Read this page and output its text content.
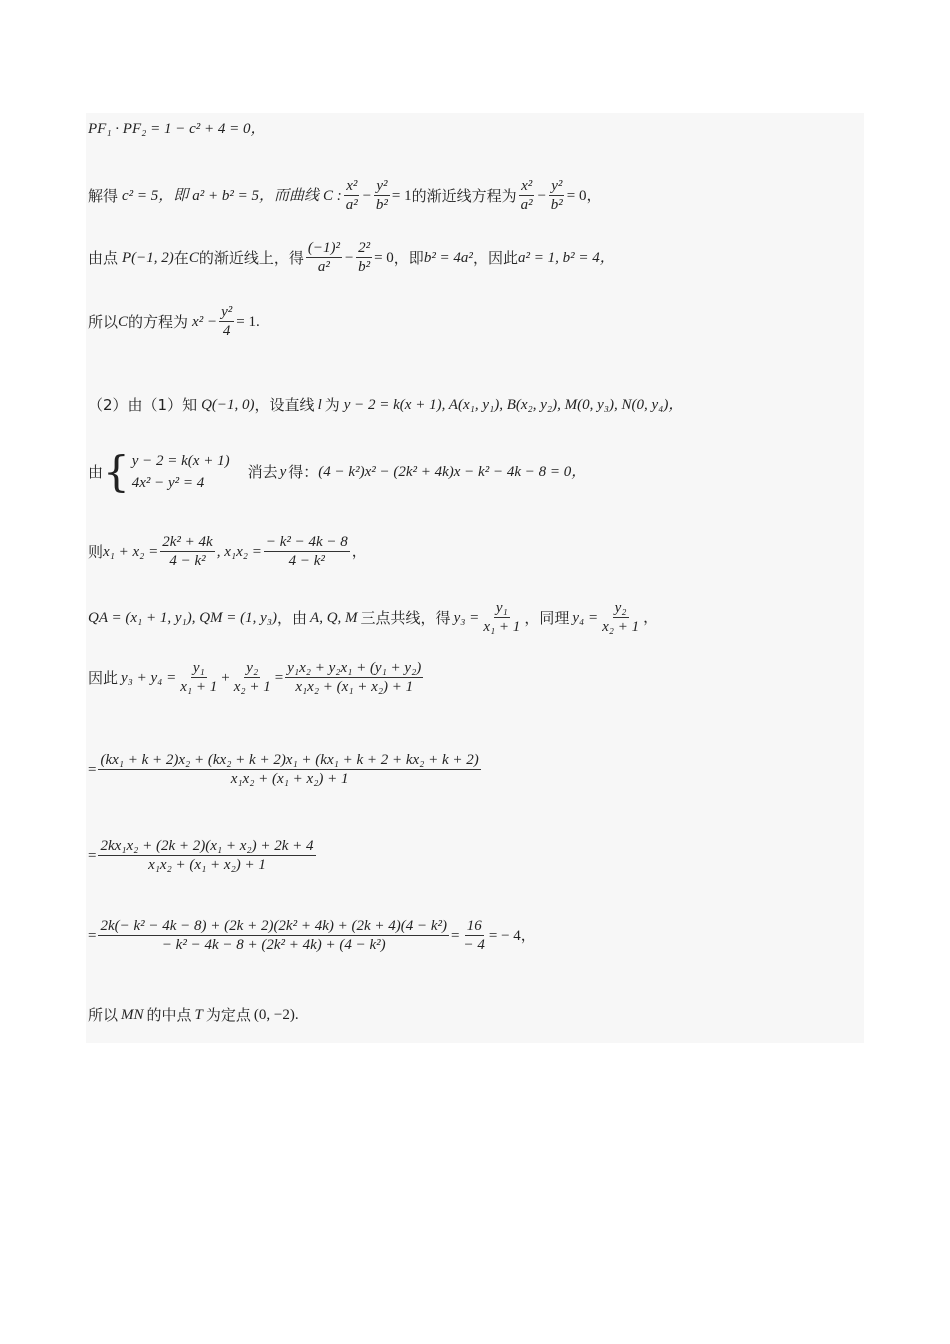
PF₁ · PF₂ = 1 − c² + 4 = 0，
解得 c² = 5，即 a² + b² = 5，而曲线 C : $\frac{\text{x²}}{\text{a²}} - \frac{\text{y²}}{\text{b²}} = 1$ 的渐近线方程为 $\frac{\text{x²}}{\text{a²}} - \frac{\text{y²}}{\text{b²}} = 0$，
由点 P(−1, 2) 在 C 的渐近线上，得 $\frac{\text{(−1)²}}{\text{a²}} - \frac{\text{2²}}{\text{b²}} = 0$ ，即 b² = 4a² ，因此 a² = 1, b² = 4，
所以 C 的方程为 $x^2 - \frac{\text{y²}}{4} = 1$ .
（2）由（1）知 Q(−1, 0) ，设直线 l 为 y − 2 = k(x + 1), A(x₁, y₁), B(x₂, y₂), M(0, y₃), N(0, y₄)，
由 { y − 2 = k(x + 1)
4x² − y² = 4
消去 y 得： (4 − k²)x² − (2k² + 4k)x − k² − 4k − 8 = 0，
则 $x_1 + x_2 = \frac{\text{2k² + 4k}}{\text{4 − k²}}$ , $x_1x_2 = \frac{\text{− k² − 4k − 8}}{\text{4 − k²}}$ ，
QA = (x₁ + 1, y₁), QM = (1, y₃) ，由 A, Q, M 三点共线，得 $y_3 = \frac{\text{y₁}}{\text{x₁ + 1}}$ ，同理 $y_4 = \frac{\text{y₂}}{\text{x₂ + 1}}$ ，
因此 $y_3 + y_4 = \frac{\text{y₁}}{\text{x₁ + 1}} + \frac{\text{y₂}}{\text{x₂ + 1}} = \frac{\text{y₁x₂ + y₂x₁ + (y₁ + y₂)}}{\text{x₁x₂ + (x₁ + x₂) + 1}}$
=
(kx₁ + k + 2)x₂ + (kx₂ + k + 2)x₁ + (kx₁ + k + 2 + kx₂ + k + 2)
x₁x₂ + (x₁ + x₂) + 1
= $\frac{\text{2kx₁x₂ + (2k + 2)(x₁ + x₂) + 2k + 4}}{\text{x₁x₂ + (x₁ + x₂) + 1}}$
= $\frac{\text{2k(− k² − 4k − 8) + (2k + 2)(2k² + 4k) + (2k + 4)(4 − k²)}}{\text{− k² − 4k − 8 + (2k² + 4k) + (4 − k²)}} = \frac{16}{- 4}$ = − 4，
所以 MN 的中点 T 为定点 (0, −2) .
